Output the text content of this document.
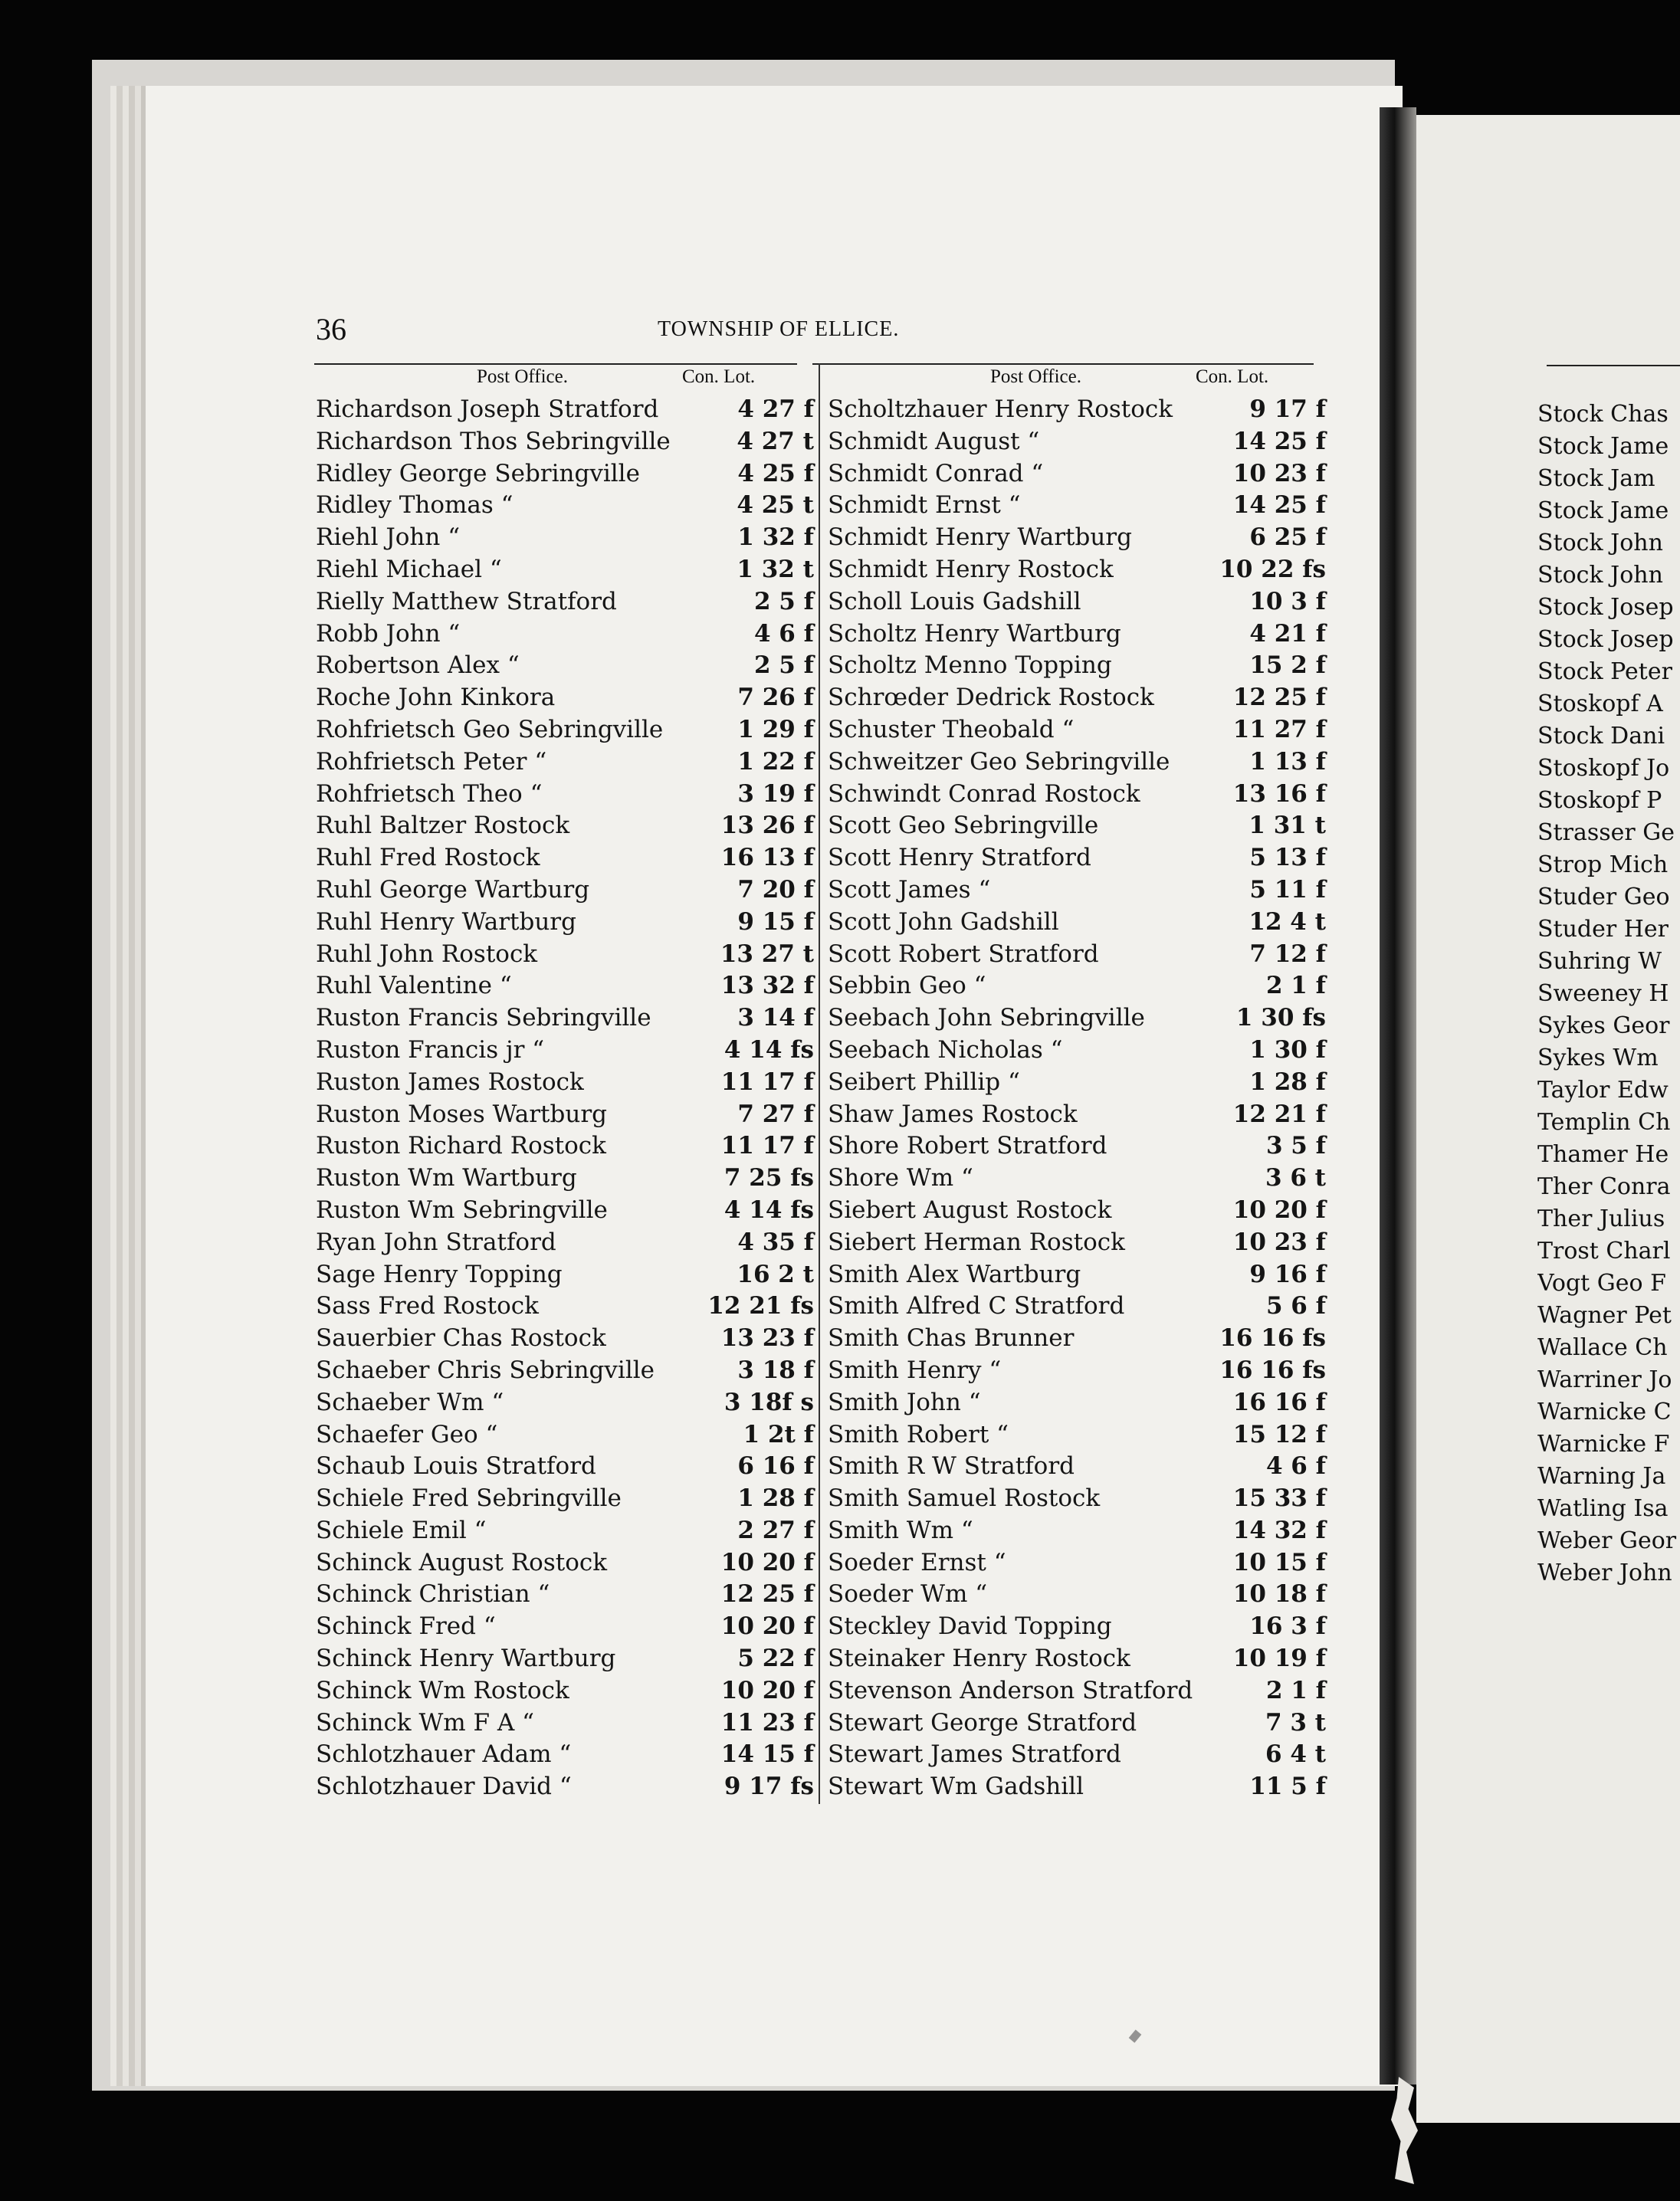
Stock Chas
Stock Jame
Stock Jam
Stock Jame
Stock John
Stock John
Stock Josep
Stock Josep
Stock Peter
Stoskopf A
Stock Dani
Stoskopf Jo
Stoskopf P
Strasser Ge
Strop Mich
Studer Geo
Studer Her
Suhring W
Sweeney H
Sykes Geor
Sykes Wm
Taylor Edw
Templin Ch
Thamer He
Ther Conra
Ther Julius
Trost Charl
Vogt Geo F
Wagner Pet
Wallace Ch
Warriner Jo
Warnicke C
Warnicke F
Warning Ja
Watling Isa
Weber Geor
Weber John
36	TOWNSHIP OF ELLICE.
Post Office.	Con. Lot.	Post Office.	Con. Lot.
Richardson Joseph Stratford	4 27 f
Richardson Thos Sebringville	4 27 t
Ridley George Sebringville	4 25 f
Ridley Thomas “	4 25 t
Riehl John “	1 32 f
Riehl Michael “	1 32 t
Rielly Matthew Stratford	2 5 f
Robb John “	4 6 f
Robertson Alex “	2 5 f
Roche John Kinkora	7 26 f
Rohfrietsch Geo Sebringville	1 29 f
Rohfrietsch Peter “	1 22 f
Rohfrietsch Theo “	3 19 f
Ruhl Baltzer Rostock	13 26 f
Ruhl Fred Rostock	16 13 f
Ruhl George Wartburg	7 20 f
Ruhl Henry Wartburg	9 15 f
Ruhl John Rostock	13 27 t
Ruhl Valentine “	13 32 f
Ruston Francis Sebringville	3 14 f
Ruston Francis jr “	4 14 fs
Ruston James Rostock	11 17 f
Ruston Moses Wartburg	7 27 f
Ruston Richard Rostock	11 17 f
Ruston Wm Wartburg	7 25 fs
Ruston Wm Sebringville	4 14 fs
Ryan John Stratford	4 35 f
Sage Henry Topping	16 2 t
Sass Fred Rostock	12 21 fs
Sauerbier Chas Rostock	13 23 f
Schaeber Chris Sebringville	3 18 f
Schaeber Wm “	3 18f s
Schaefer Geo “	1 2t f
Schaub Louis Stratford	6 16 f
Schiele Fred Sebringville	1 28 f
Schiele Emil “	2 27 f
Schinck August Rostock	10 20 f
Schinck Christian “	12 25 f
Schinck Fred “	10 20 f
Schinck Henry Wartburg	5 22 f
Schinck Wm Rostock	10 20 f
Schinck Wm F A “	11 23 f
Schlotzhauer Adam “	14 15 f
Schlotzhauer David “	9 17 fs
Scholtzhauer Henry Rostock	9 17 f
Schmidt August “	14 25 f
Schmidt Conrad “	10 23 f
Schmidt Ernst “	14 25 f
Schmidt Henry Wartburg	6 25 f
Schmidt Henry Rostock	10 22 fs
Scholl Louis Gadshill	10 3 f
Scholtz Henry Wartburg	4 21 f
Scholtz Menno Topping	15 2 f
Schrœder Dedrick Rostock	12 25 f
Schuster Theobald “	11 27 f
Schweitzer Geo Sebringville	1 13 f
Schwindt Conrad Rostock	13 16 f
Scott Geo Sebringville	1 31 t
Scott Henry Stratford	5 13 f
Scott James “	5 11 f
Scott John Gadshill	12 4 t
Scott Robert Stratford	7 12 f
Sebbin Geo “	2 1 f
Seebach John Sebringville	1 30 fs
Seebach Nicholas “	1 30 f
Seibert Phillip “	1 28 f
Shaw James Rostock	12 21 f
Shore Robert Stratford	3 5 f
Shore Wm “	3 6 t
Siebert August Rostock	10 20 f
Siebert Herman Rostock	10 23 f
Smith Alex Wartburg	9 16 f
Smith Alfred C Stratford	5 6 f
Smith Chas Brunner	16 16 fs
Smith Henry “	16 16 fs
Smith John “	16 16 f
Smith Robert “	15 12 f
Smith R W Stratford	4 6 f
Smith Samuel Rostock	15 33 f
Smith Wm “	14 32 f
Soeder Ernst “	10 15 f
Soeder Wm “	10 18 f
Steckley David Topping	16 3 f
Steinaker Henry Rostock	10 19 f
Stevenson Anderson Stratford	2 1 f
Stewart George Stratford	7 3 t
Stewart James Stratford	6 4 t
Stewart Wm Gadshill	11 5 f
